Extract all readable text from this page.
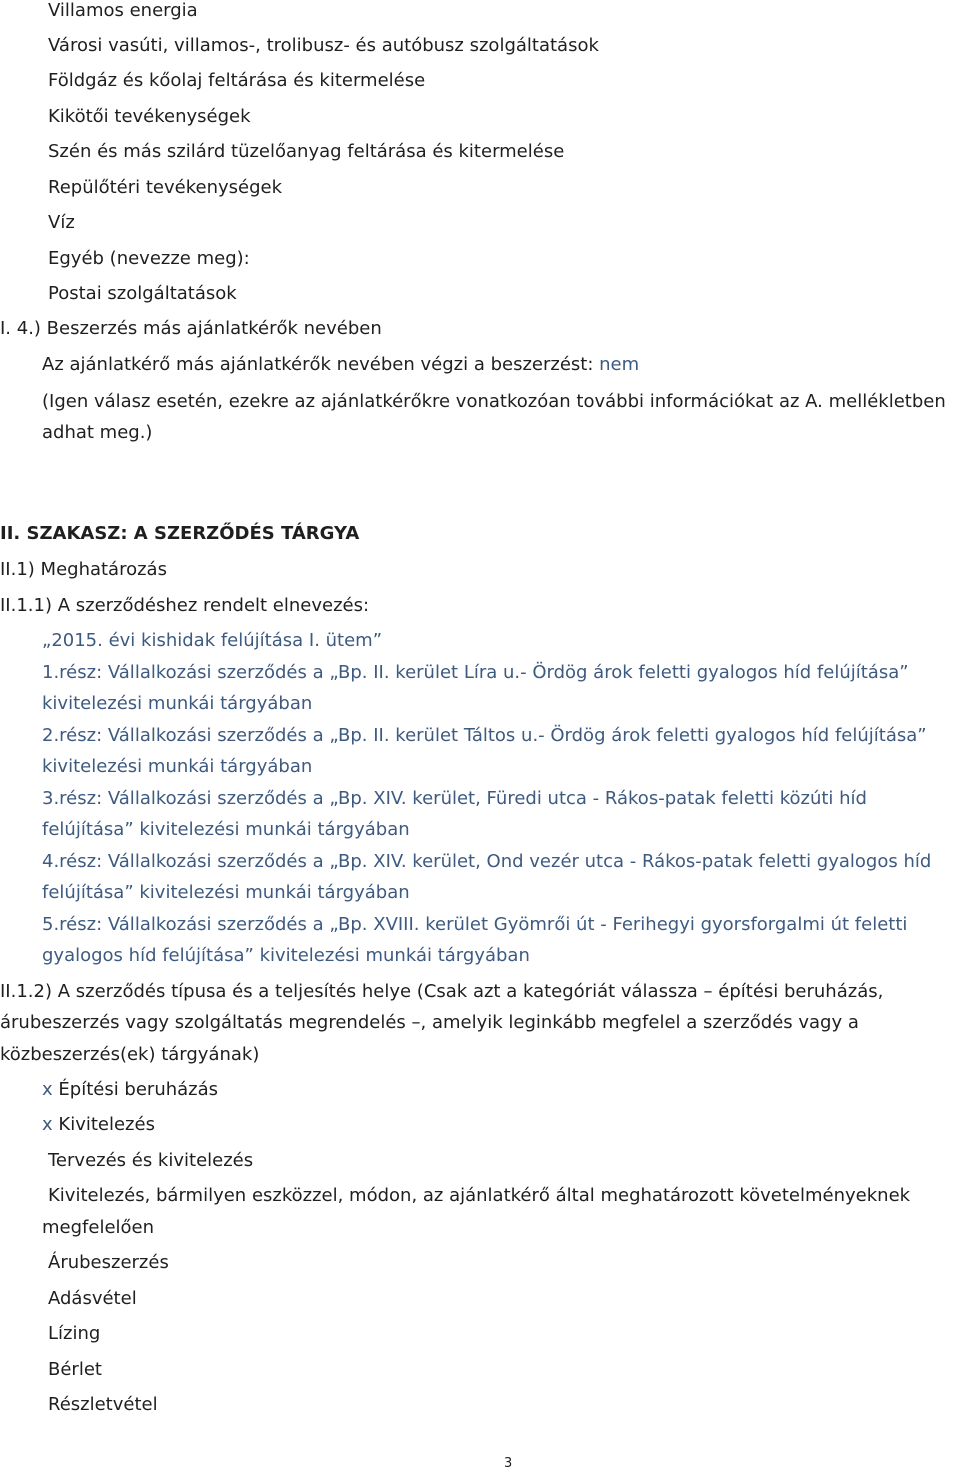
Villamos energia
Városi vasúti, villamos-, trolibusz- és autóbusz szolgáltatások
Földgáz és kőolaj feltárása és kitermelése
Kikötői tevékenységek
Szén és más szilárd tüzelőanyag feltárása és kitermelése
Repülőtéri tevékenységek
Víz
Egyéb (nevezze meg):
Postai szolgáltatások
I. 4.) Beszerzés más ajánlatkérők nevében
Az ajánlatkérő más ajánlatkérők nevében végzi a beszerzést: nem
(Igen válasz esetén, ezekre az ajánlatkérőkre vonatkozóan további információkat az A. mellékletben
adhat meg.)
II. SZAKASZ: A SZERZŐDÉS TÁRGYA
II.1) Meghatározás
II.1.1) A szerződéshez rendelt elnevezés:
„2015. évi kishidak felújítása I. ütem”
1.rész: Vállalkozási szerződés a „Bp. II. kerület Líra u.- Ördög árok feletti gyalogos híd felújítása”
kivitelezési munkái tárgyában
2.rész: Vállalkozási szerződés a „Bp. II. kerület Táltos u.- Ördög árok feletti gyalogos híd felújítása”
kivitelezési munkái tárgyában
3.rész: Vállalkozási szerződés a „Bp. XIV. kerület, Füredi utca - Rákos-patak feletti közúti híd
felújítása” kivitelezési munkái tárgyában
4.rész: Vállalkozási szerződés a „Bp. XIV. kerület, Ond vezér utca - Rákos-patak feletti gyalogos híd
felújítása” kivitelezési munkái tárgyában
5.rész: Vállalkozási szerződés a „Bp. XVIII. kerület Gyömrői út - Ferihegyi gyorsforgalmi út feletti
gyalogos híd felújítása” kivitelezési munkái tárgyában
II.1.2) A szerződés típusa és a teljesítés helye (Csak azt a kategóriát válassza – építési beruházás,
árubeszerzés vagy szolgáltatás megrendelés –, amelyik leginkább megfelel a szerződés vagy a
közbeszerzés(ek) tárgyának)
x Építési beruházás
x Kivitelezés
Tervezés és kivitelezés
Kivitelezés, bármilyen eszközzel, módon, az ajánlatkérő által meghatározott követelményeknek
megfelelően
Árubeszerzés
Adásvétel
Lízing
Bérlet
Részletvétel
3
